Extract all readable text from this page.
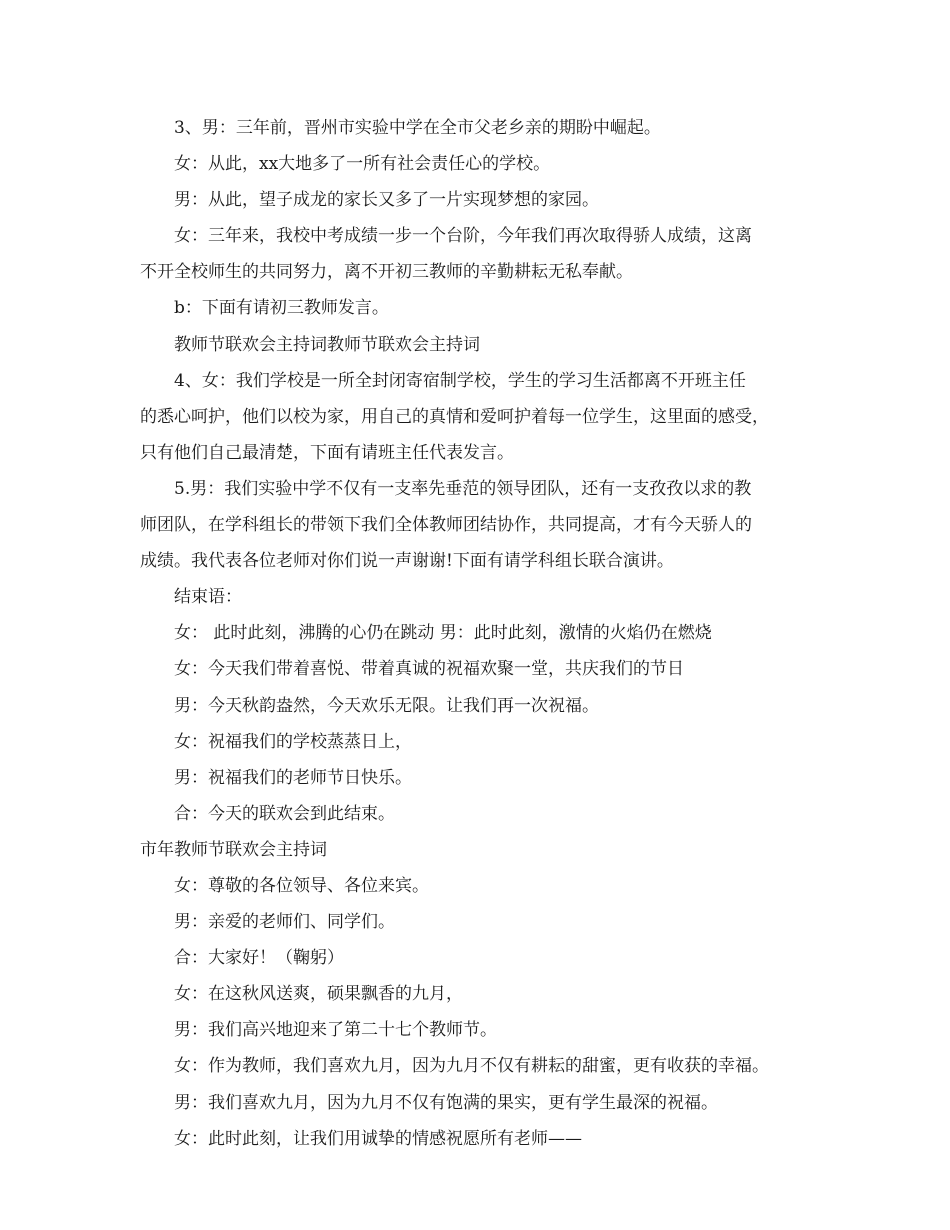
3、男：三年前，晋州市实验中学在全市父老乡亲的期盼中崛起。
女：从此，xx大地多了一所有社会责任心的学校。
男：从此，望子成龙的家长又多了一片实现梦想的家园。
女：三年来，我校中考成绩一步一个台阶，今年我们再次取得骄人成绩，这离
不开全校师生的共同努力，离不开初三教师的辛勤耕耘无私奉献。
b：下面有请初三教师发言。
教师节联欢会主持词教师节联欢会主持词
4、女：我们学校是一所全封闭寄宿制学校，学生的学习生活都离不开班主任
的悉心呵护，他们以校为家，用自己的真情和爱呵护着每一位学生，这里面的感受，
只有他们自己最清楚，下面有请班主任代表发言。
5.男：我们实验中学不仅有一支率先垂范的领导团队，还有一支孜孜以求的教
师团队，在学科组长的带领下我们全体教师团结协作，共同提高，才有今天骄人的
成绩。我代表各位老师对你们说一声谢谢!下面有请学科组长联合演讲。
结束语：
女： 此时此刻，沸腾的心仍在跳动 男：此时此刻，激情的火焰仍在燃烧
女：今天我们带着喜悦、带着真诚的祝福欢聚一堂，共庆我们的节日
男：今天秋韵盎然，今天欢乐无限。让我们再一次祝福。
女：祝福我们的学校蒸蒸日上，
男：祝福我们的老师节日快乐。
合：今天的联欢会到此结束。
市年教师节联欢会主持词
女：尊敬的各位领导、各位来宾。
男：亲爱的老师们、同学们。
合：大家好！（鞠躬）
女：在这秋风送爽，硕果飘香的九月，
男：我们高兴地迎来了第二十七个教师节。
女：作为教师，我们喜欢九月，因为九月不仅有耕耘的甜蜜，更有收获的幸福。
男：我们喜欢九月，因为九月不仅有饱满的果实，更有学生最深的祝福。
女：此时此刻，让我们用诚挚的情感祝愿所有老师——
